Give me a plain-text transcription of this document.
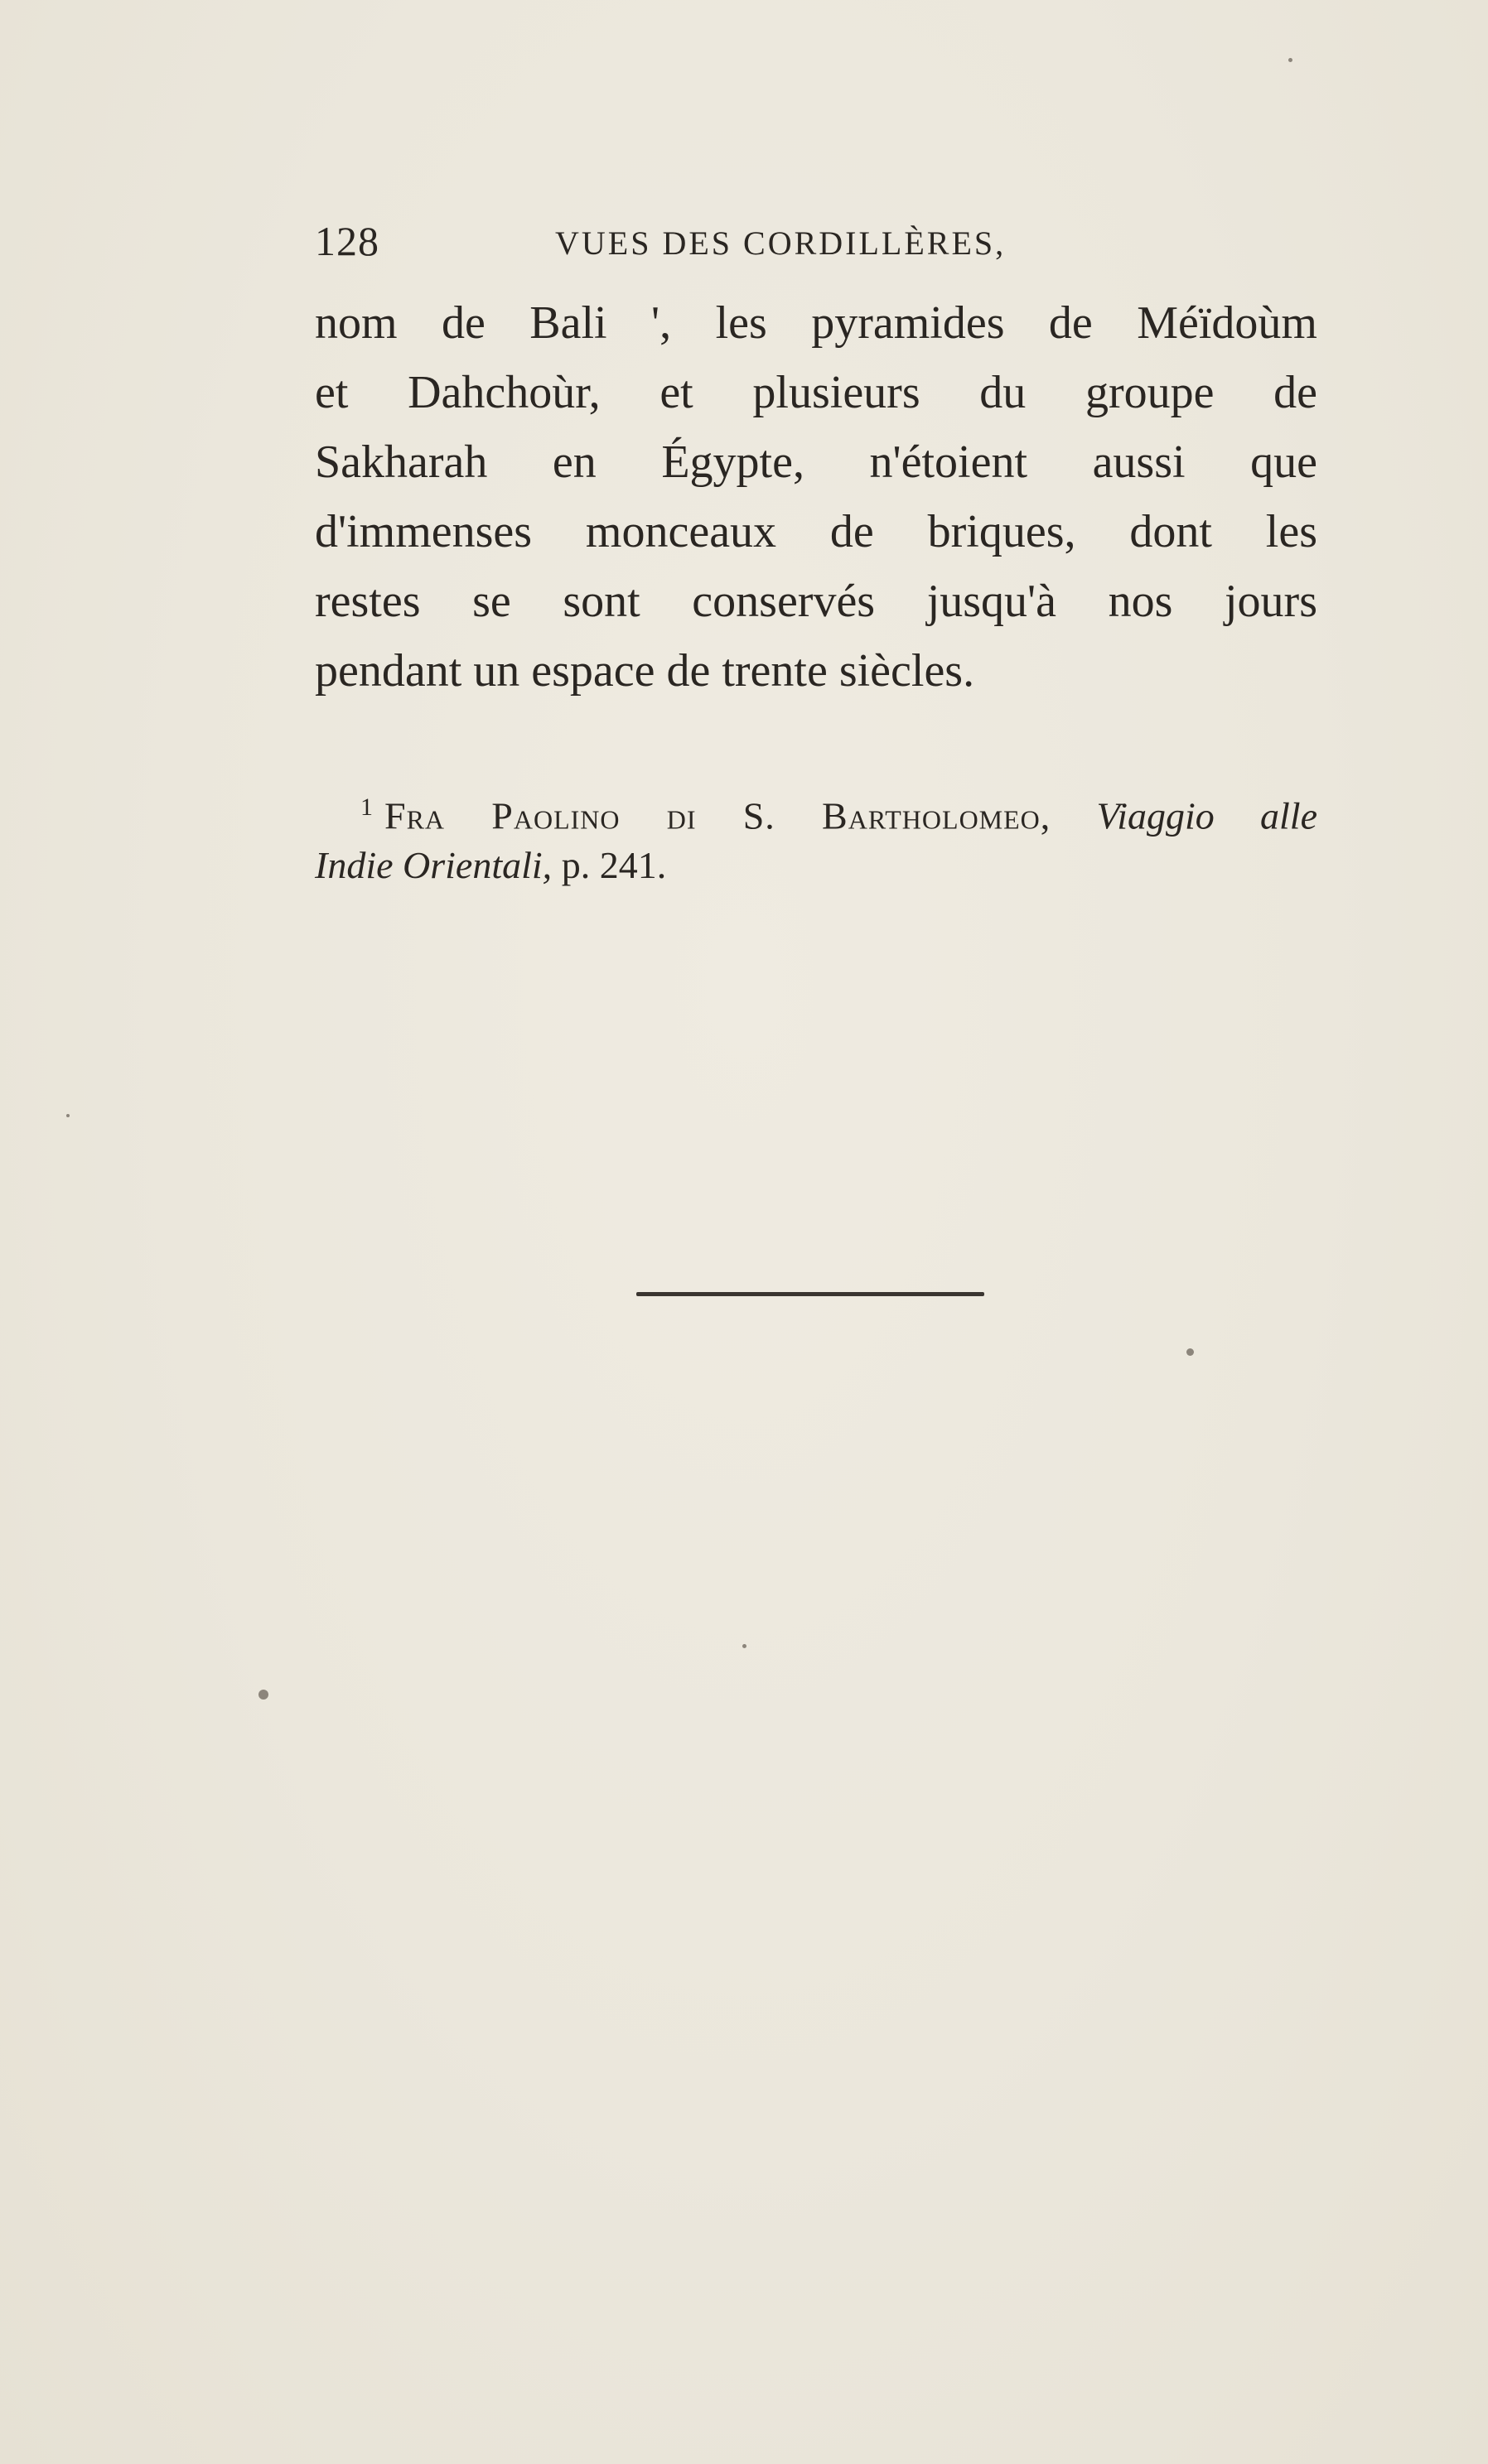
128	VUES DES CORDILLÈRES,
nom de Bali ', les pyramides de Méïdoùm
et Dahchoùr, et plusieurs du groupe de
Sakharah en Égypte, n'étoient aussi que
d'immenses monceaux de briques, dont les
restes se sont conservés jusqu'à nos jours
pendant un espace de trente siècles.
$^1$ Fra Paolino di S. Bartholomeo, Viaggio alle
Indie Orientali, p. 241.
